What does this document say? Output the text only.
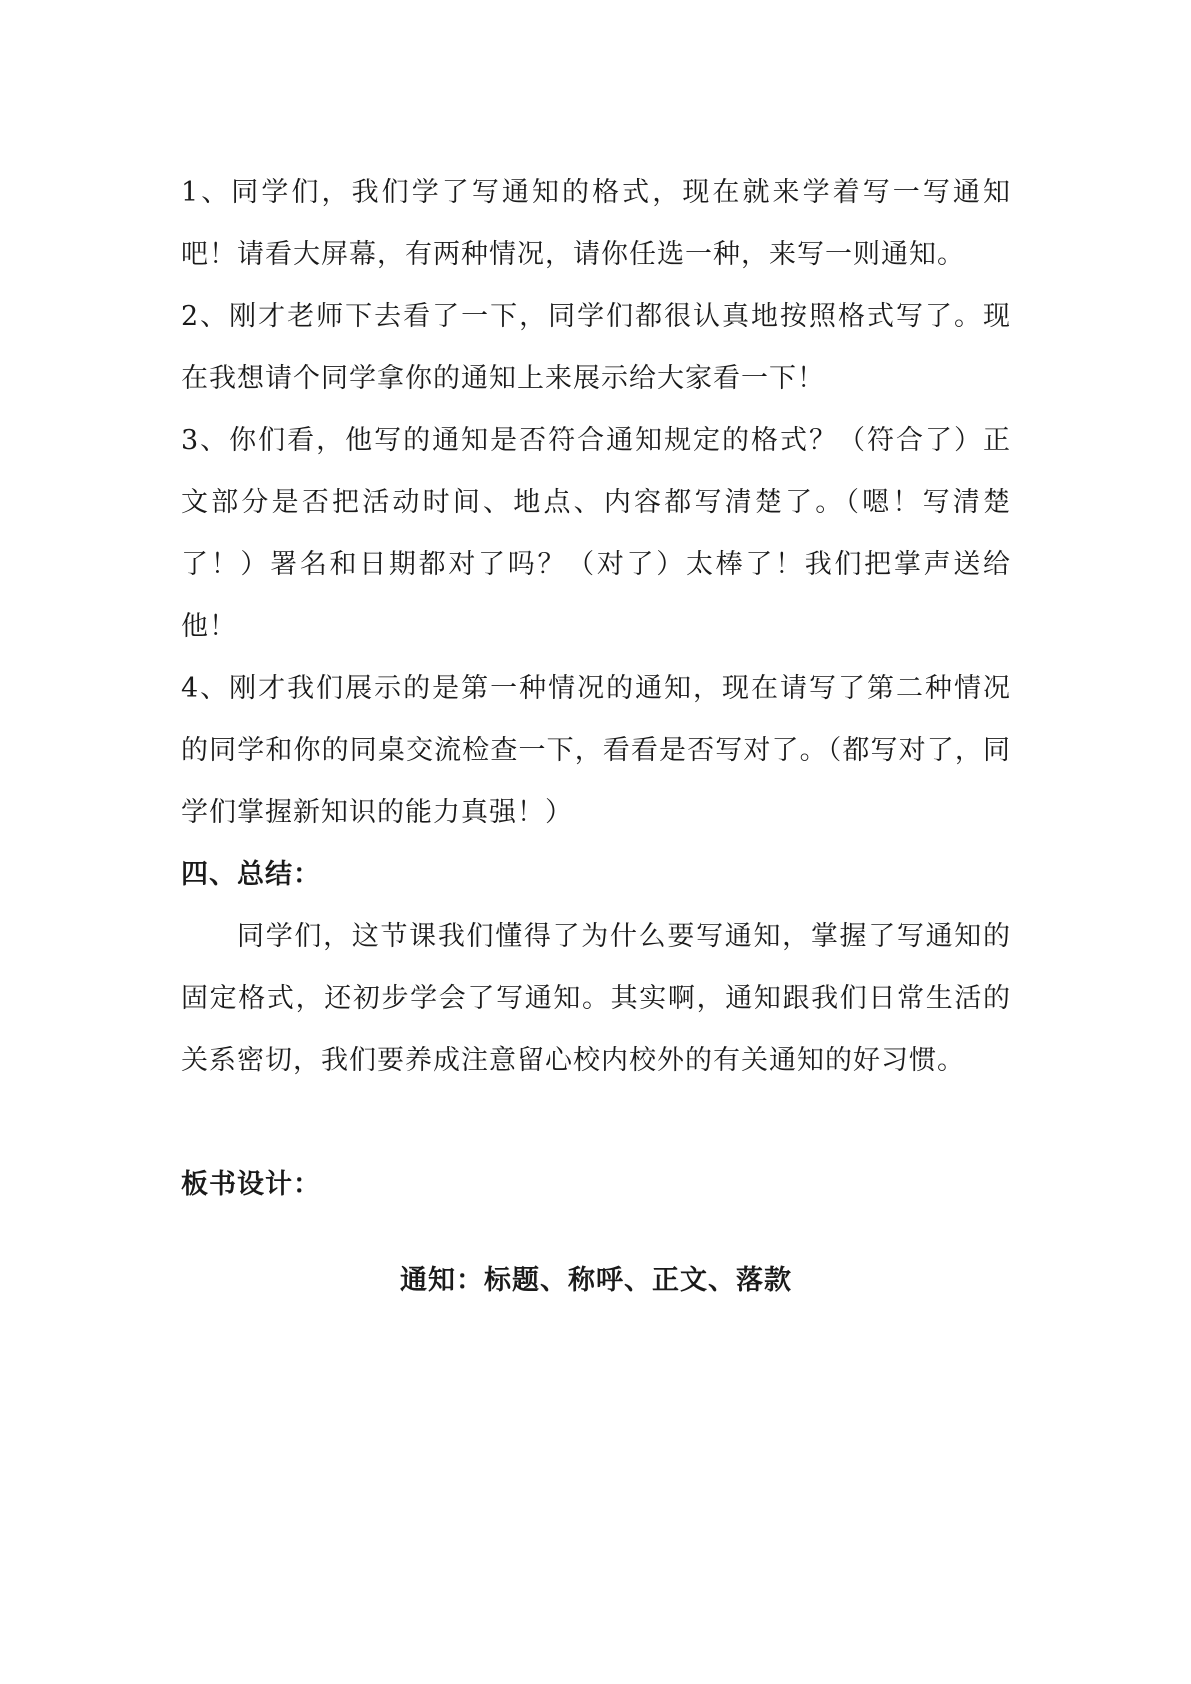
1、同学们，我们学了写通知的格式，现在就来学着写一写通知吧！请看大屏幕，有两种情况，请你任选一种，来写一则通知。

2、刚才老师下去看了一下，同学们都很认真地按照格式写了。现在我想请个同学拿你的通知上来展示给大家看一下！

3、你们看，他写的通知是否符合通知规定的格式？（符合了）正文部分是否把活动时间、地点、内容都写清楚了。（嗯！写清楚了！）署名和日期都对了吗？（对了）太棒了！我们把掌声送给他！

4、刚才我们展示的是第一种情况的通知，现在请写了第二种情况的同学和你的同桌交流检查一下，看看是否写对了。（都写对了，同学们掌握新知识的能力真强！）

四、总结：

同学们，这节课我们懂得了为什么要写通知，掌握了写通知的固定格式，还初步学会了写通知。其实啊，通知跟我们日常生活的关系密切，我们要养成注意留心校内校外的有关通知的好习惯。

板书设计：

通知：标题、称呼、正文、落款
